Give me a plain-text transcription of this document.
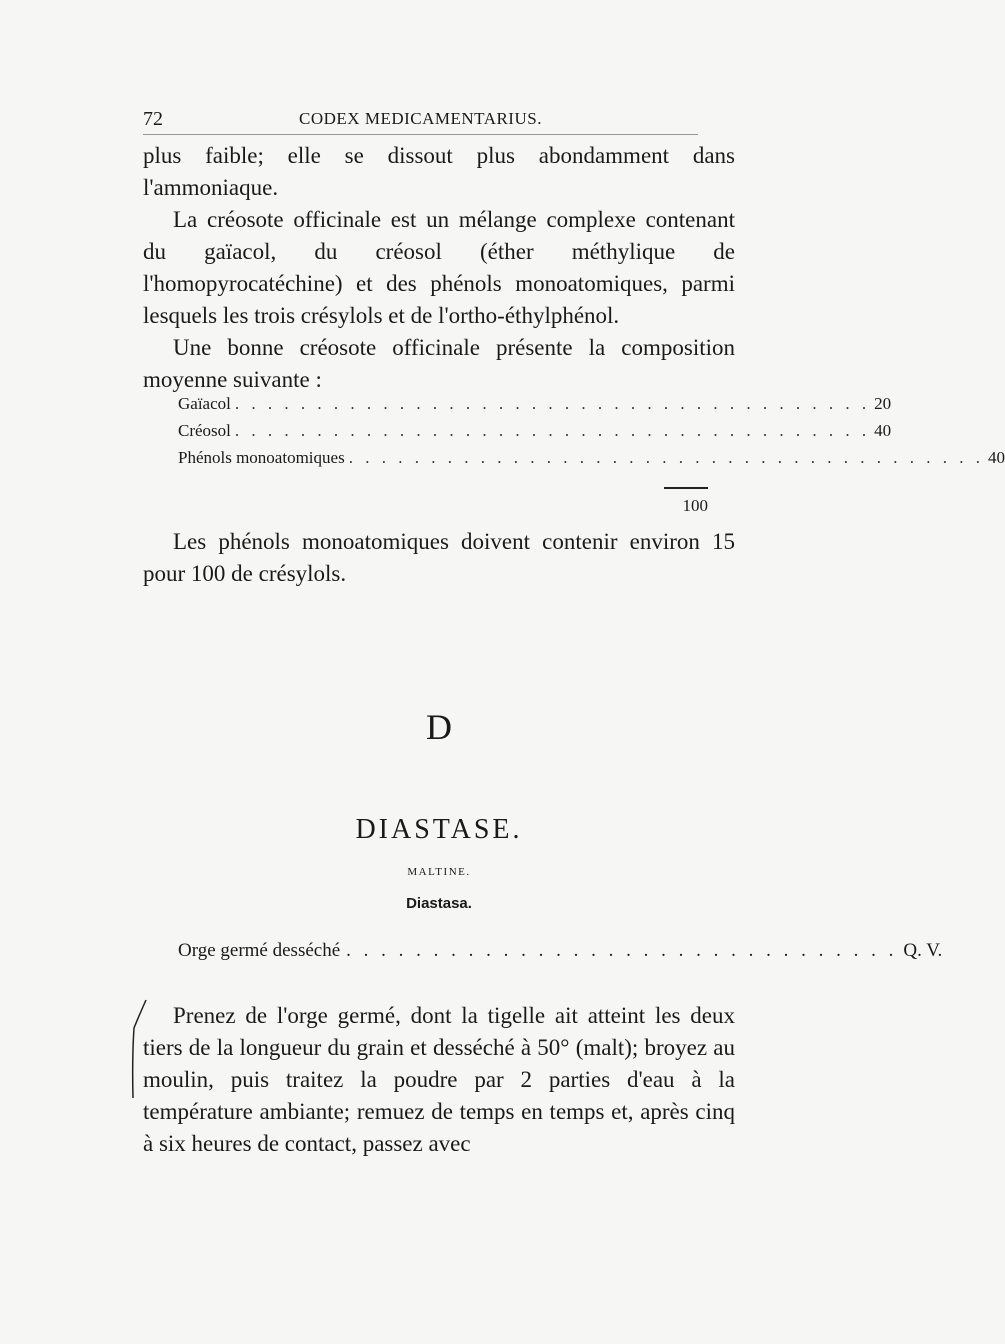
72	CODEX MEDICAMENTARIUS.

plus faible; elle se dissout plus abondamment dans l'ammoniaque.

La créosote officinale est un mélange complexe contenant du gaïacol, du créosol (éther méthylique de l'homopyrocatéchine) et des phénols monoatomiques, parmi lesquels les trois crésylols et de l'ortho-éthylphénol.

Une bonne créosote officinale présente la composition moyenne suivante :

Gaïacol . . . . . . . . . . . . . . . . . . . . . . . . . . . . . . . . . . . . . . . 20
Créosol . . . . . . . . . . . . . . . . . . . . . . . . . . . . . . . . . . . . . . . 40
Phénols monoatomiques . . . . . . . . . . . . . . . . . . . . . . . . . . . . . . . . . . . . . . . 40
100

Les phénols monoatomiques doivent contenir environ 15 pour 100 de crésylols.

D
DIASTASE.
MALTINE.
Diastasa.
Orge germé desséché . . . . . . . . . . . . . . . . . . . . . . . . . . . . . . . . Q. V.

Prenez de l'orge germé, dont la tigelle ait atteint les deux tiers de la longueur du grain et desséché à 50° (malt); broyez au moulin, puis traitez la poudre par 2 parties d'eau à la température ambiante; remuez de temps en temps et, après cinq à six heures de contact, passez avec
